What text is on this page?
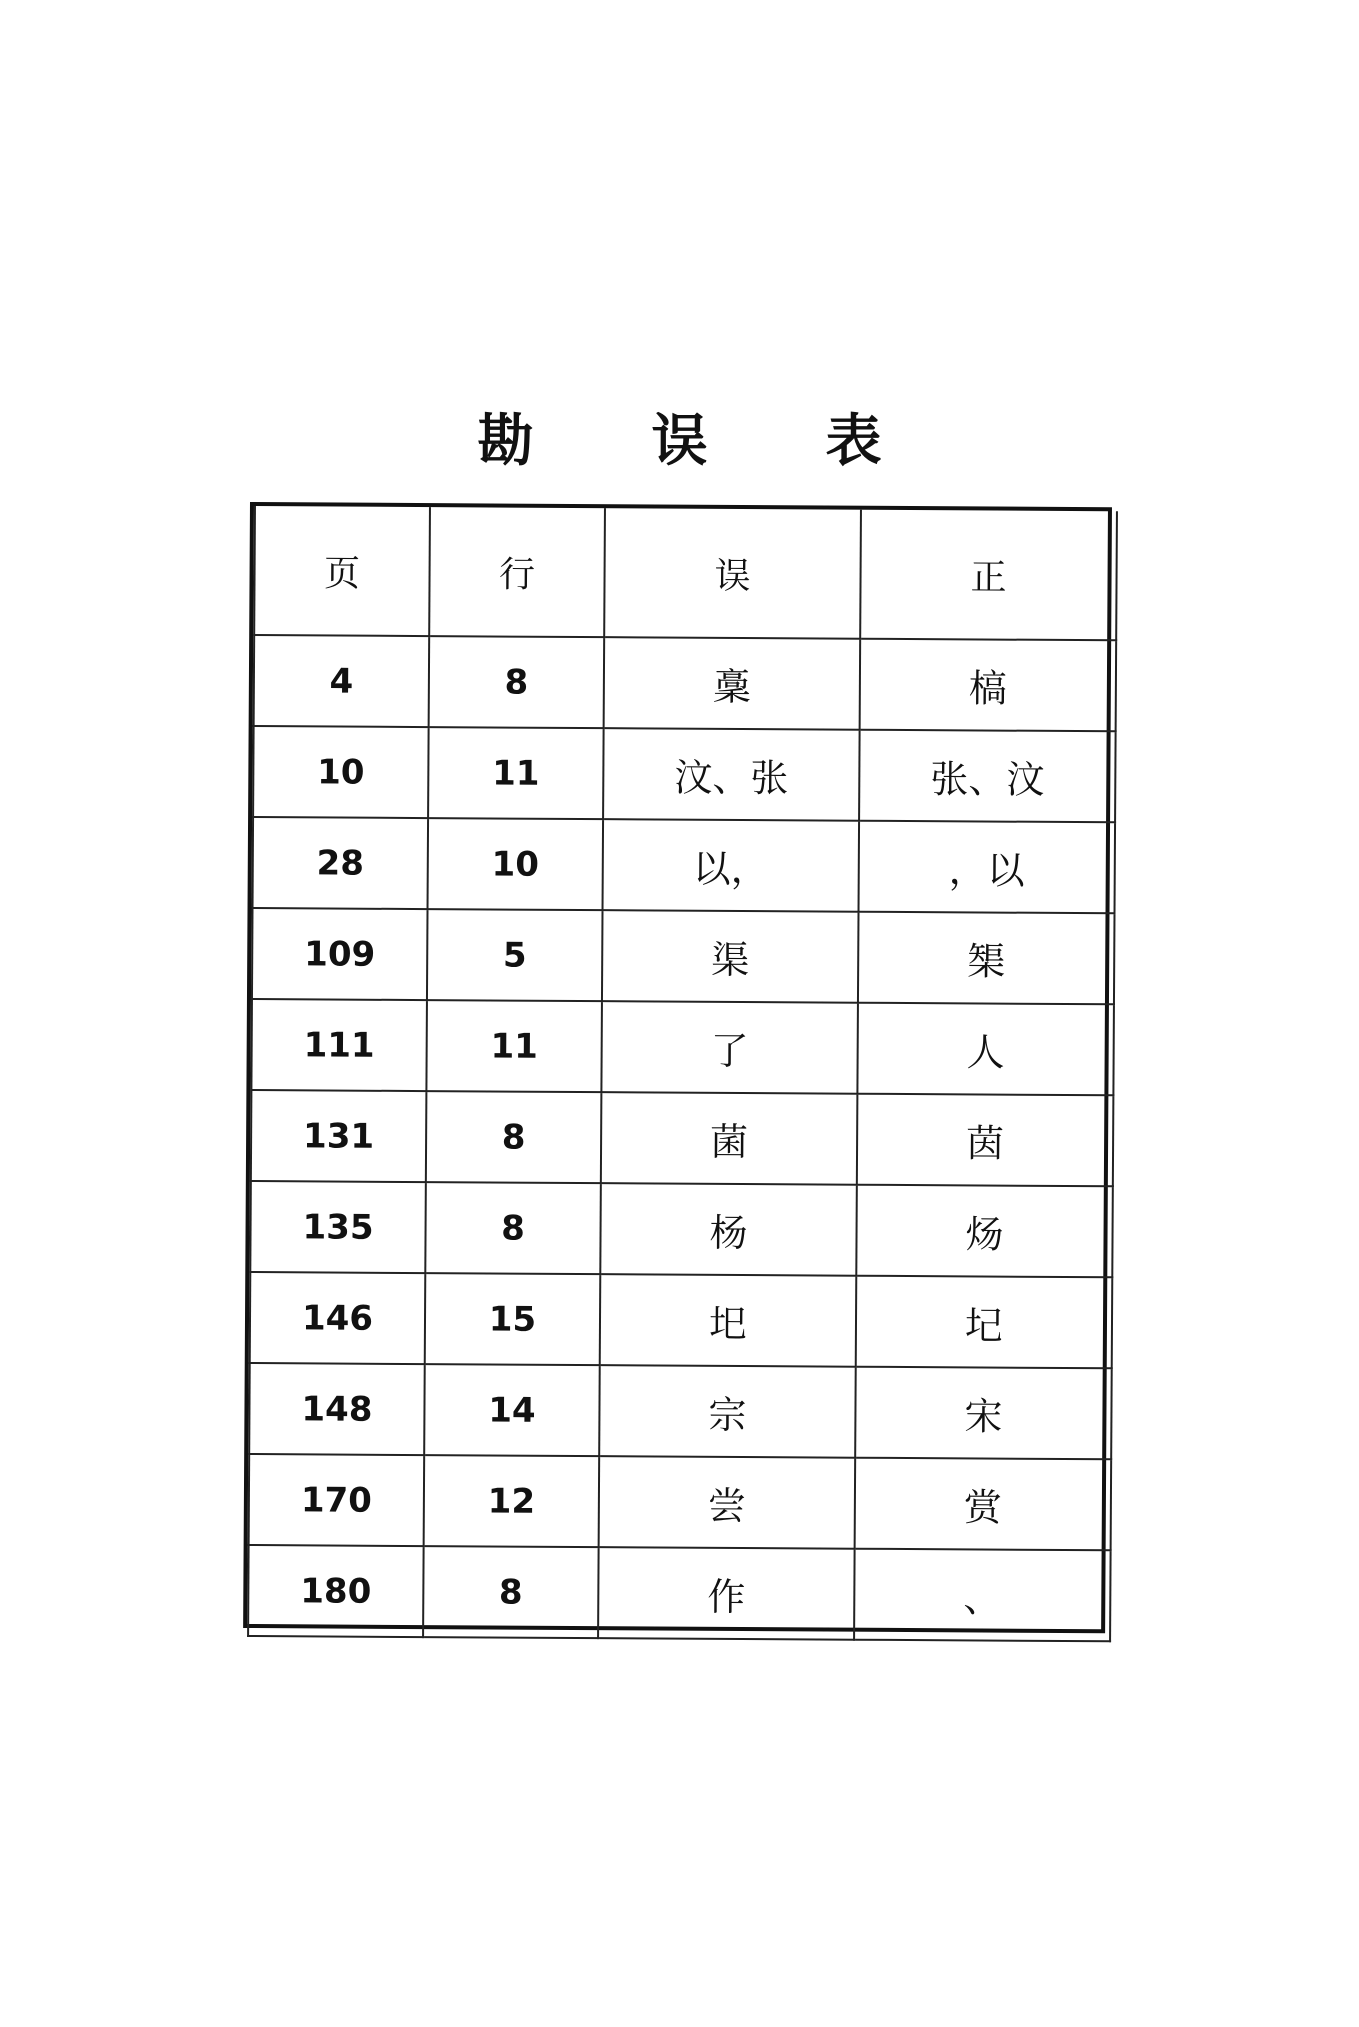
勘 误 表
页	行	误	正
4	8	稾	槁
10	11	汶、张	张、汶
28	10	以，	，以
109	5	渠	榘
111	11	了	人
131	8	菌	茵
135	8	杨	炀
146	15	圯	圮
148	14	宗	宋
170	12	尝	赏
180	8	作	、
